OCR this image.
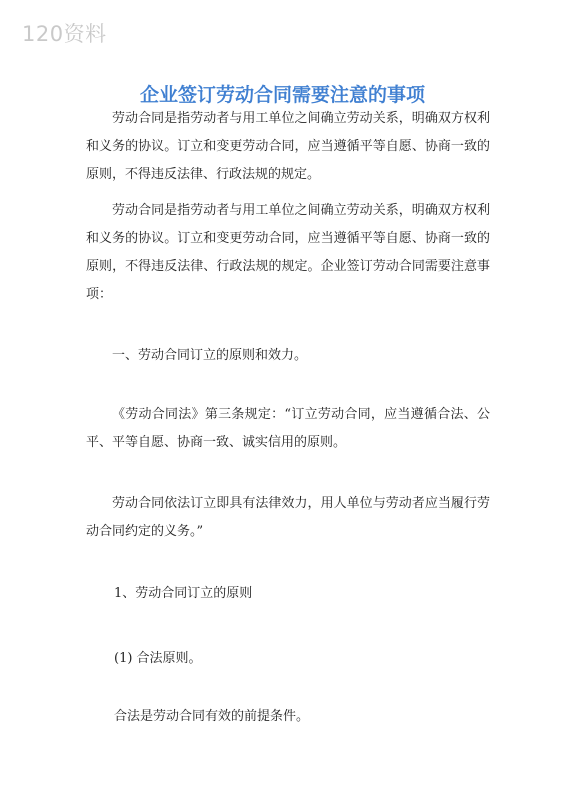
120资料
企业签订劳动合同需要注意的事项

劳动合同是指劳动者与用工单位之间确立劳动关系，明确双方权利和义务的协议。订立和变更劳动合同，应当遵循平等自愿、协商一致的原则，不得违反法律、行政法规的规定。

劳动合同是指劳动者与用工单位之间确立劳动关系，明确双方权利和义务的协议。订立和变更劳动合同，应当遵循平等自愿、协商一致的原则，不得违反法律、行政法规的规定。企业签订劳动合同需要注意事项：

一、劳动合同订立的原则和效力。

《劳动合同法》第三条规定：“订立劳动合同，应当遵循合法、公平、平等自愿、协商一致、诚实信用的原则。

劳动合同依法订立即具有法律效力，用人单位与劳动者应当履行劳动合同约定的义务。”

1、劳动合同订立的原则

(1) 合法原则。

合法是劳动合同有效的前提条件。
